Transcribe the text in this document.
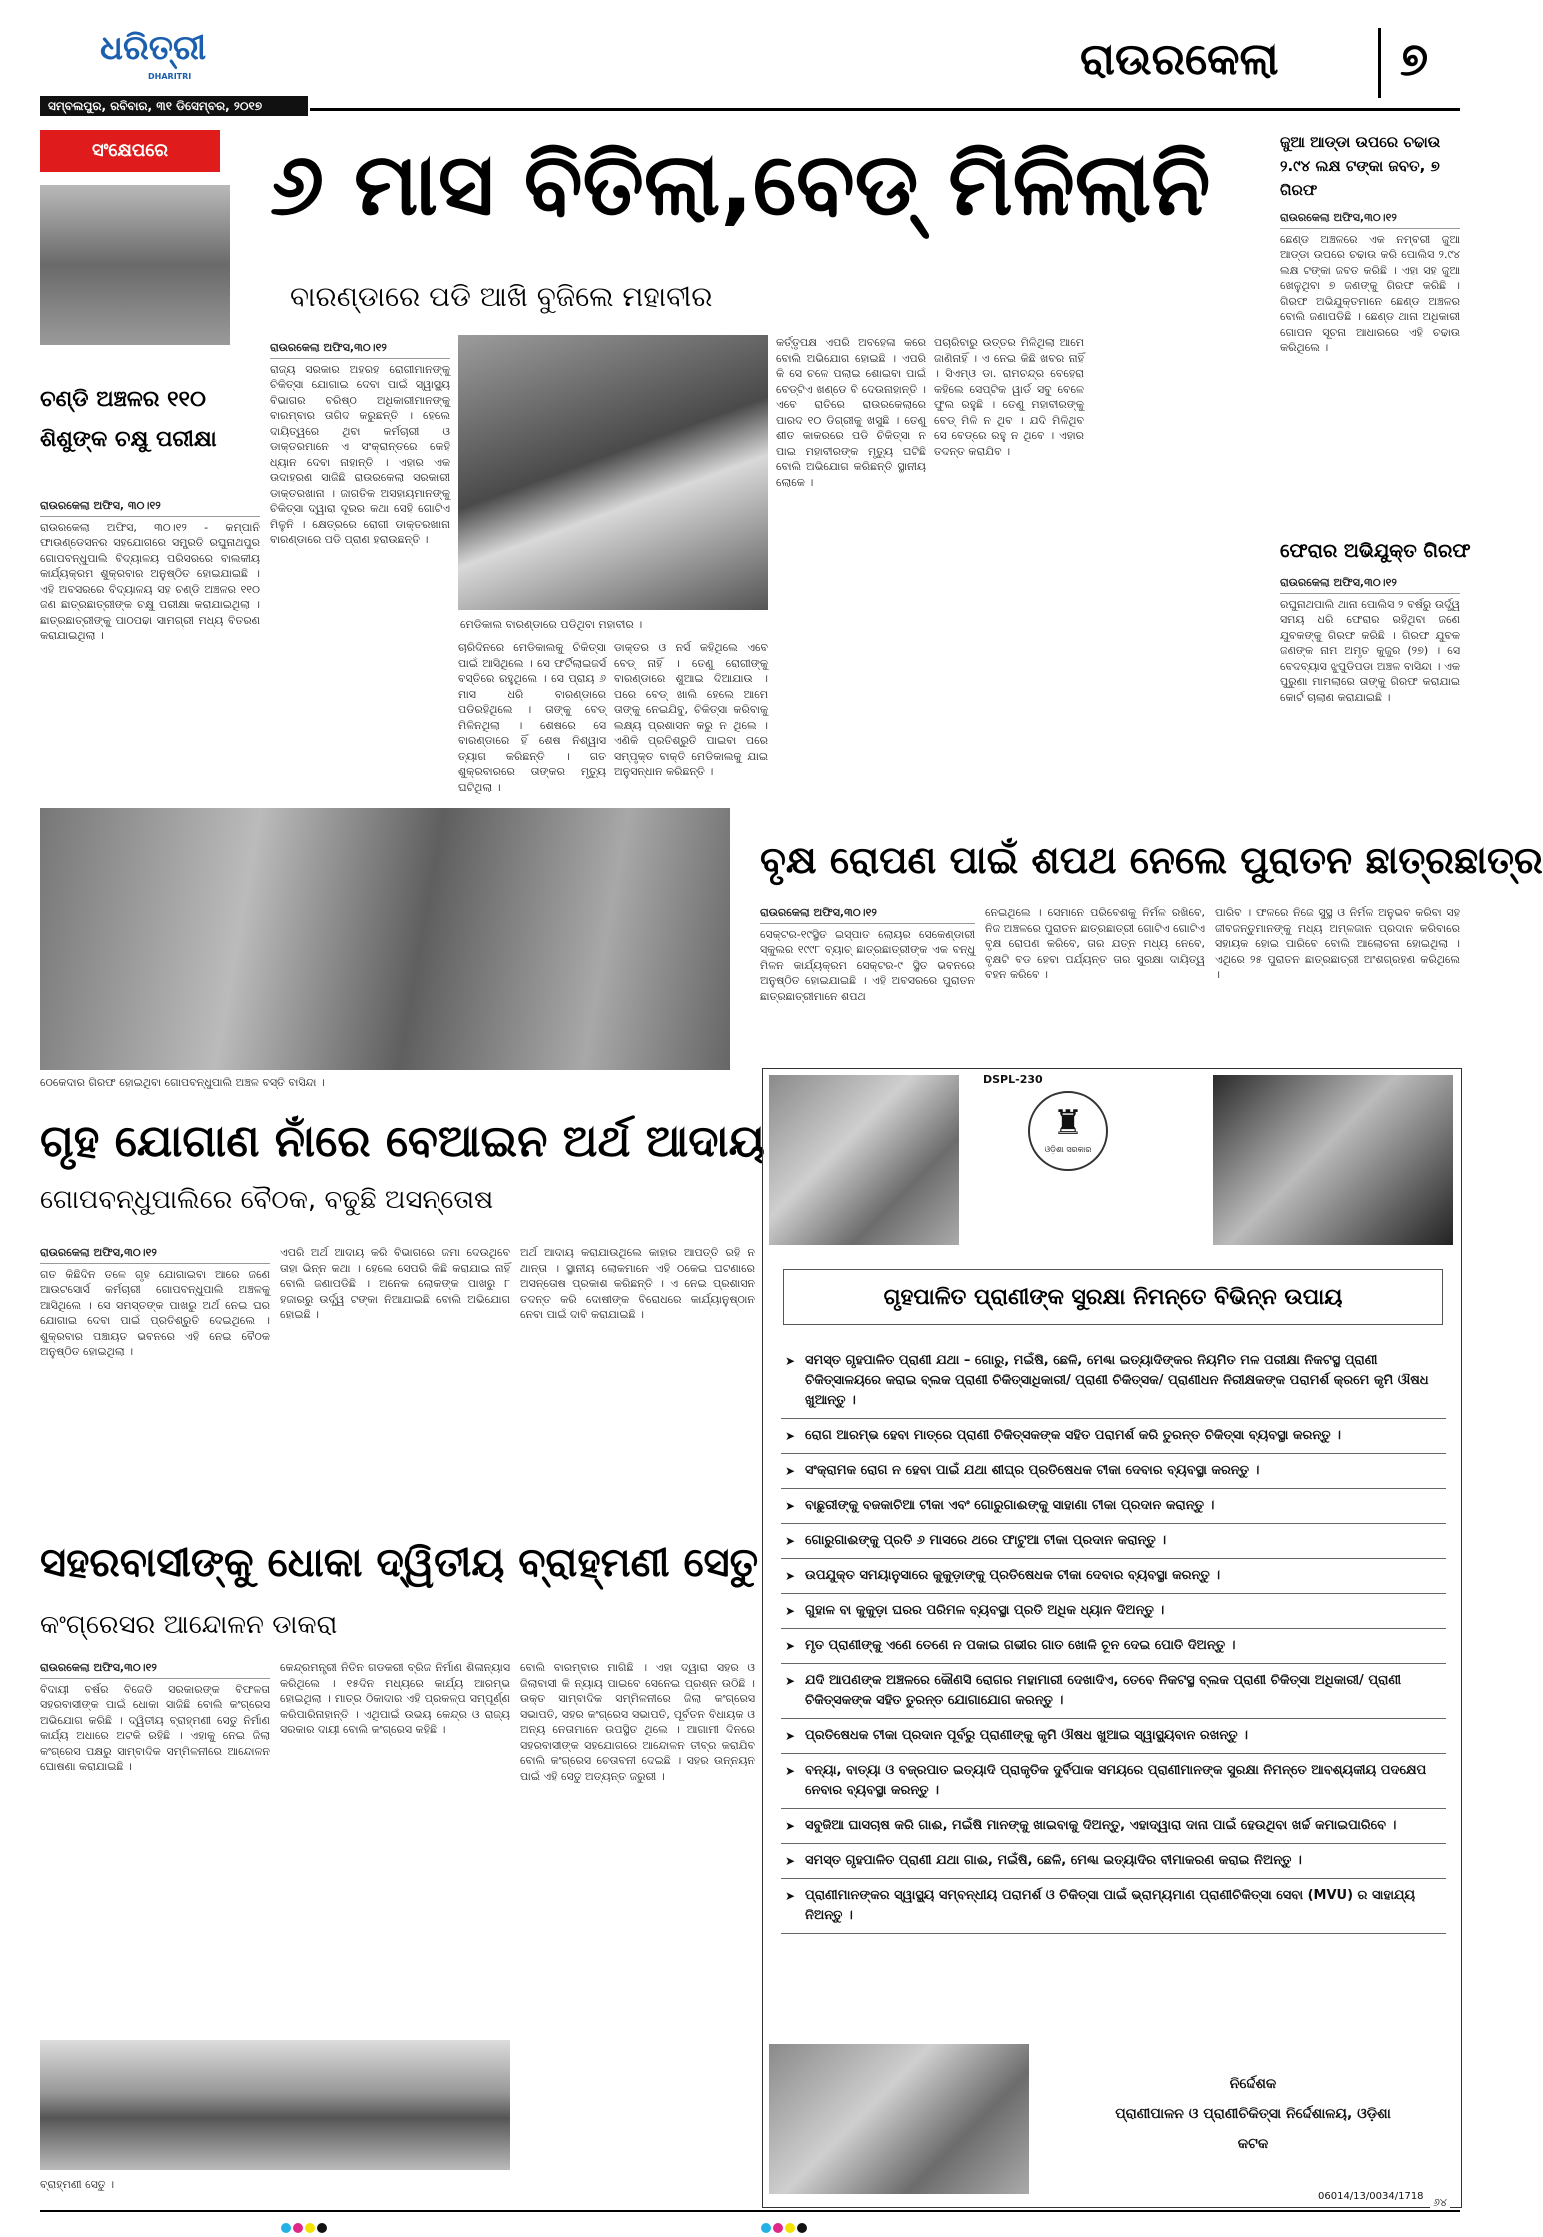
ଧରିତ୍ରୀ
DHARITRI
ସମ୍ବଲପୁର, ରବିବାର, ୩୧ ଡିସେମ୍ବର, ୨୦୧୭
ରାଉରକେଲା	୭
ସଂକ୍ଷେପରେ	୬ ମାସ ବିତିଲା,ବେଡ୍ ମିଳିଲାନି
ବାରଣ୍ଡାରେ ପଡି ଆଖି ବୁଜିଲେ ମହାବୀର
ଚଣ୍ଡି ଅଞ୍ଚଳର ୧୧୦ ଶିଶୁଙ୍କ ଚକ୍ଷୁ ପରୀକ୍ଷା
ରାଉରକେଲା ଅଫିସ, ୩୦।୧୨
ରାଉରକେଲା ଅଫିସ, ୩୦।୧୨ - କମ୍ପାନି ଫାଉଣ୍ଡେସନର ସହଯୋଗରେ ସମ୍ପ୍ରତି ରଘୁନାଥପୁର ଗୋପବନ୍ଧୁପାଲି ବିଦ୍ୟାଳୟ ପରିସରରେ ବାଲକୀୟ କାର୍ଯ୍ୟକ୍ରମ ଶୁକ୍ରବାର ଅନୁଷ୍ଠିତ ହୋଇଯାଇଛି । ଏହି ଅବସରରେ ବିଦ୍ୟାଳୟ ସହ ଚଣ୍ଡି ଅଞ୍ଚଳର ୧୧୦ ଜଣ ଛାତ୍ରଛାତ୍ରୀଙ୍କ ଚକ୍ଷୁ ପରୀକ୍ଷା କରାଯାଇଥିଲା । ଛାତ୍ରଛାତ୍ରୀଙ୍କୁ ପାଠପଢା ସାମଗ୍ରୀ ମଧ୍ୟ ବିତରଣ କରାଯାଇଥିଲା ।
ରାଉରକେଲା ଅଫିସ,୩୦।୧୨
ରାଜ୍ୟ ସରକାର ଅହରହ ରୋଗୀମାନଙ୍କୁ ଚିକିତ୍ସା ଯୋଗାଇ ଦେବା ପାଇଁ ସ୍ୱାସ୍ଥ୍ୟ ବିଭାଗର ବରିଷ୍ଠ ଅଧିକାରୀମାନଙ୍କୁ ବାରମ୍ବାର ତାଗିଦ କରୁଛନ୍ତି । ହେଲେ ଦାୟିତ୍ୱରେ ଥିବା କର୍ମଚାରୀ ଓ ଡାକ୍ତରମାନେ ଏ ସଂକ୍ରାନ୍ତରେ କେହି ଧ୍ୟାନ ଦେବା ନାହାନ୍ତି । ଏହାର ଏକ ଉଦାହରଣ ସାଜିଛି ରାଉରକେଲା ସରକାରୀ ଡାକ୍ତରଖାନା । ଜାଗତିକ ଅସହାୟମାନଙ୍କୁ ଚିକିତ୍ସା ଦ୍ୱାରା ଦୂରର କଥା ସେହି ଗୋଟିଏ ମିଳୁନି । କ୍ଷେତ୍ରରେ ରୋଗୀ ଡାକ୍ତରଖାନା ବାରଣ୍ଡାରେ ପଡି ପ୍ରାଣ ହରାଉଛନ୍ତି ।
ମେଡିକାଲ ବାରଣ୍ଡାରେ ପଡିଥିବା ମହାବୀର ।
ଚାରିଦିନରେ ମେଡିକାଲକୁ ଚିକିତ୍ସା ପାଇଁ ଆସିଥିଲେ । ସେ ଫର୍ଟିଲାଇଜର୍ସ ବସ୍ତିରେ ରହୁଥିଲେ । ସେ ପ୍ରାୟ ୬ ମାସ ଧରି ବାରଣ୍ଡାରେ ପଡିରହିଥିଲେ । ତାଙ୍କୁ ବେଡ୍ ମିଳିନଥିଲା । ଶେଷରେ ସେ ବାରଣ୍ଡାରେ ହିଁ ଶେଷ ନିଶ୍ୱାସ ତ୍ୟାଗ କରିଛନ୍ତି । ଗତ ଶୁକ୍ରବାରରେ ତାଙ୍କର ମୃତ୍ୟୁ ଘଟିଥିଲା ।
ଡାକ୍ତର ଓ ନର୍ସ କହିଥିଲେ ଏବେ ବେଡ୍ ନାହିଁ । ତେଣୁ ରୋଗୀଙ୍କୁ ବାରଣ୍ଡାରେ ଶୁଆଇ ଦିଆଯାଉ । ପରେ ବେଡ୍ ଖାଲି ହେଲେ ଆମେ ତାଙ୍କୁ ନେଇଯିବୁ, ଚିକିତ୍ସା କରିବାକୁ ଲକ୍ଷ୍ୟ ପ୍ରଶାସନ କରୁ ନ ଥିଲେ । ଏଣିକି ପ୍ରତିଶ୍ରୁତି ପାଇବା ପରେ ସମ୍ପୃକ୍ତ ବାକ୍ତି ମେଡିକାଲକୁ ଯାଇ ଅନୁସନ୍ଧାନ କରିଛନ୍ତି ।
କର୍ତ୍ତୃପକ୍ଷ ଏପରି ଅବହେଳା କରେ ବୋଲି ଅଭିଯୋଗ ହୋଇଛି । ଏପରି କି ସେ ଚଳେ ପଲାଇ ଶୋଇବା ପାଇଁ ବେଡ୍‌ଟିଏ ଖଣ୍ଡେ ବି ଦେଉନାହାନ୍ତି । ଏବେ ରାତିରେ ରାଉରକେଲାରେ ପାରଦ ୧୦ ଡିଗ୍ରୀକୁ ଖସୁଛି । ତେଣୁ ଶୀତ କାକରରେ ପଡି ଚିକିତ୍ସା ନ ପାଇ ମହାବୀରଙ୍କ ମୃତ୍ୟୁ ଘଟିଛି ବୋଲି ଅଭିଯୋଗ କରିଛନ୍ତି ସ୍ଥାନୀୟ ଲୋକେ ।
ପଚାରିବାରୁ ଉତ୍ତର ମିଳିଥିଲା ଆମେ ଜାଣିନାହିଁ । ଏ ନେଇ କିଛି ଖବର ନାହିଁ । ସିଏମ୍‌ଓ ଡା. ରାମଚନ୍ଦ୍ର ବେହେରା କହିଲେ ସେପ୍ଟିକ ୱାର୍ଡ ସବୁ ବେଳେ ଫୁଲ ରହୁଛି । ତେଣୁ ମହାବୀରଙ୍କୁ ବେଡ୍ ମିଳି ନ ଥିବ । ଯଦି ମିଳିଥିବ ସେ ବେଡ୍‌ରେ ରହୁ ନ ଥିବେ । ଏହାର ତଦନ୍ତ କରାଯିବ ।
ଜୁଆ ଆଡ୍ଡା ଉପରେ ଚଢାଉ ୨.୯୪ ଲକ୍ଷ ଟଙ୍କା ଜବତ, ୭ ଗିରଫ
ରାଉରକେଲା ଅଫିସ,୩୦।୧୨
ଛେଣ୍ଡ ଅଞ୍ଚଳରେ ଏକ ନମ୍ବରୀ ଜୁଆ ଆଡ୍ଡା ଉପରେ ଚଢାଉ କରି ପୋଲିସ ୨.୯୪ ଲକ୍ଷ ଟଙ୍କା ଜବତ କରିଛି । ଏହା ସହ ଜୁଆ ଖେଳୁଥିବା ୭ ଜଣଙ୍କୁ ଗିରଫ କରିଛି । ଗିରଫ ଅଭିଯୁକ୍ତମାନେ ଛେଣ୍ଡ ଅଞ୍ଚଳର ବୋଲି ଜଣାପଡିଛି । ଛେଣ୍ଡ ଥାନା ଅଧିକାରୀ ଗୋପନ ସୂଚନା ଆଧାରରେ ଏହି ଚଢାଉ କରିଥିଲେ ।
ଫେରାର ଅଭିଯୁକ୍ତ ଗିରଫ
ରାଉରକେଲା ଅଫିସ,୩୦।୧୨
ରଘୁନାଥପାଲି ଥାନା ପୋଲିସ ୨ ବର୍ଷରୁ ଉର୍ଦ୍ଧ୍ୱ ସମୟ ଧରି ଫେରାର ରହିଥିବା ଜଣେ ଯୁବକଙ୍କୁ ଗିରଫ କରିଛି । ଗିରଫ ଯୁବକ ଜଣଙ୍କ ନାମ ଅମୃତ କୁଜୁର (୨୭) । ସେ ବେଦବ୍ୟାସ ଝୁପୁଡିପଡା ଅଞ୍ଚଳ ବାସିନ୍ଦା । ଏକ ପୁରୁଣା ମାମଲାରେ ତାଙ୍କୁ ଗିରଫ କରାଯାଇ କୋର୍ଟ ଚାଲାଣ କରାଯାଇଛି ।
ଠେକେଦାର ଗିରଫ ହୋଇଥିବା ଗୋପବନ୍ଧୁପାଲି ଅଞ୍ଚଳ ବସ୍ତି ବାସିନ୍ଦା ।
ବୃକ୍ଷ ରୋପଣ ପାଇଁ ଶପଥ ନେଲେ ପୁରାତନ ଛାତ୍ରଛାତ୍ର
ରାଉରକେଲା ଅଫିସ,୩୦।୧୨
ସେକ୍ଟର-୧୯ସ୍ଥିତ ଇସ୍ପାତ ଲୋୟର ସେକେଣ୍ଡାରୀ ସ୍କୁଲର ୧୯୯୮ ବ୍ୟାଚ୍ ଛାତ୍ରଛାତ୍ରୀଙ୍କ ଏକ ବନ୍ଧୁ ମିଳନ କାର୍ଯ୍ୟକ୍ରମ ସେକ୍ଟର-୯ ସ୍ଥିତ ଭବନରେ ଅନୁଷ୍ଠିତ ହୋଇଯାଇଛି । ଏହି ଅବସରରେ ପୁରାତନ ଛାତ୍ରଛାତ୍ରୀମାନେ ଶପଥ
ନେଇଥିଲେ । ସେମାନେ ପରିବେଶକୁ ନିର୍ମଳ ରଖିବେ, ନିଜ ଅଞ୍ଚଳରେ ପୁରାତନ ଛାତ୍ରଛାତ୍ରୀ ଗୋଟିଏ ଗୋଟିଏ ବୃକ୍ଷ ରୋପଣ କରିବେ, ତାର ଯତ୍ନ ମଧ୍ୟ ନେବେ, ବୃକ୍ଷଟି ବଡ ହେବା ପର୍ଯ୍ୟନ୍ତ ତାର ସୁରକ୍ଷା ଦାୟିତ୍ୱ ବହନ କରିବେ ।
ପାରିବ । ଫଳରେ ନିଜେ ସୁସ୍ଥ ଓ ନିର୍ମଳ ଅନୁଭବ କରିବା ସହ ଜୀବଜନ୍ତୁମାନଙ୍କୁ ମଧ୍ୟ ଅମ୍ଳଜାନ ପ୍ରଦାନ କରିବାରେ ସହାୟକ ହୋଇ ପାରିବେ ବୋଲି ଆଲୋଚନା ହୋଇଥିଲା । ଏଥିରେ ୨୫ ପୁରାତନ ଛାତ୍ରଛାତ୍ରୀ ଅଂଶଗ୍ରହଣ କରିଥିଲେ ।
ଗୃହ ଯୋଗାଣ ନାଁରେ ବେଆଇନ ଅର୍ଥ ଆଦାୟ
ଗୋପବନ୍ଧୁପାଲିରେ ବୈଠକ, ବଢୁଛି ଅସନ୍ତୋଷ
ରାଉରକେଲା ଅଫିସ,୩୦।୧୨
ଗତ କିଛିଦିନ ତଳେ ଗୃହ ଯୋଗାଇବା ଆରେ ଜଣେ ଆଉଟସୋର୍ସ କର୍ମଚାରୀ ଗୋପବନ୍ଧୁପାଲି ଅଞ୍ଚଳକୁ ଆସିଥିଲେ । ସେ ସମସ୍ତଙ୍କ ପାଖରୁ ଅର୍ଥ ନେଇ ଘର ଯୋଗାଇ ଦେବା ପାଇଁ ପ୍ରତିଶ୍ରୁତି ଦେଇଥିଲେ । ଶୁକ୍ରବାର ପଞ୍ଚାୟତ ଭବନରେ ଏହି ନେଇ ବୈଠକ ଅନୁଷ୍ଠିତ ହୋଇଥିଲା ।
ଏପରି ଅର୍ଥ ଆଦାୟ କରି ବିଭାଗରେ ଜମା ଦେଉଥିବେ ତାହା ଭିନ୍ନ କଥା । ହେଲେ ସେପରି କିଛି କରାଯାଇ ନାହିଁ ବୋଲି ଜଣାପଡିଛି । ଅନେକ ଲୋକଙ୍କ ପାଖରୁ ୮ ହଜାରରୁ ଉର୍ଦ୍ଧ୍ୱ ଟଙ୍କା ନିଆଯାଇଛି ବୋଲି ଅଭିଯୋଗ ହୋଇଛି ।
ଅର୍ଥ ଆଦାୟ କରାଯାଉଥିଲେ କାହାର ଆପତ୍ତି ରହି ନ ଥାନ୍ତା । ସ୍ଥାନୀୟ ଲୋକମାନେ ଏହି ଠକେଇ ଘଟଣାରେ ଅସନ୍ତୋଷ ପ୍ରକାଶ କରିଛନ୍ତି । ଏ ନେଇ ପ୍ରଶାସନ ତଦନ୍ତ କରି ଦୋଷୀଙ୍କ ବିରୋଧରେ କାର୍ଯ୍ୟାନୁଷ୍ଠାନ ନେବା ପାଇଁ ଦାବି କରାଯାଇଛି ।
ସହରବାସୀଙ୍କୁ ଧୋକା ଦ୍ୱିତୀୟ ବ୍ରାହ୍ମଣୀ ସେତୁ
କଂଗ୍ରେସର ଆନ୍ଦୋଳନ ଡାକରା
ରାଉରକେଲା ଅଫିସ,୩୦।୧୨
ବିଦାୟୀ ବର୍ଷର ବିଜେଡି ସରକାରଙ୍କ ବିଫଳତା ସହରବାସୀଙ୍କ ପାଇଁ ଧୋକା ସାଜିଛି ବୋଲି କଂଗ୍ରେସ ଅଭିଯୋଗ କରିଛି । ଦ୍ୱିତୀୟ ବ୍ରାହ୍ମଣୀ ସେତୁ ନିର୍ମାଣ କାର୍ଯ୍ୟ ଅଧାରେ ଅଟକି ରହିଛି । ଏହାକୁ ନେଇ ଜିଲା କଂଗ୍ରେସ ପକ୍ଷରୁ ସାମ୍ବାଦିକ ସମ୍ମିଳନୀରେ ଆନ୍ଦୋଳନ ଘୋଷଣା କରାଯାଇଛି ।
କେନ୍ଦ୍ରମନ୍ତ୍ରୀ ନିତିନ ଗଡକରୀ ବ୍ରିଜ ନିର୍ମାଣ ଶିଳାନ୍ୟାସ କରିଥିଲେ । ୧୫ଦିନ ମଧ୍ୟରେ କାର୍ଯ୍ୟ ଆରମ୍ଭ ହୋଇଥିଲା । ମାତ୍ର ଠିକାଦାର ଏହି ପ୍ରକଳ୍ପ ସମ୍ପୂର୍ଣ୍ଣ କରିପାରିନାହାନ୍ତି । ଏଥିପାଇଁ ଉଭୟ କେନ୍ଦ୍ର ଓ ରାଜ୍ୟ ସରକାର ଦାୟୀ ବୋଲି କଂଗ୍ରେସ କହିଛି ।
ବୋଲି ବାରମ୍ବାର ମାଗିଛି । ଏହା ଦ୍ୱାରା ସହର ଓ ଜିଲାବାସୀ କି ନ୍ୟାୟ ପାଇବେ ସେନେଇ ପ୍ରଶ୍ନ ଉଠିଛି । ଉକ୍ତ ସାମ୍ବାଦିକ ସମ୍ମିଳନୀରେ ଜିଲା କଂଗ୍ରେସ ସଭାପତି, ସହର କଂଗ୍ରେସ ସଭାପତି, ପୂର୍ବତନ ବିଧାୟକ ଓ ଅନ୍ୟ ନେତାମାନେ ଉପସ୍ଥିତ ଥିଲେ । ଆଗାମୀ ଦିନରେ ସହରବାସୀଙ୍କ ସହଯୋଗରେ ଆନ୍ଦୋଳନ ତୀବ୍ର କରାଯିବ ବୋଲି କଂଗ୍ରେସ ଚେତାବନୀ ଦେଇଛି । ସହର ଉନ୍ନୟନ ପାଇଁ ଏହି ସେତୁ ଅତ୍ୟନ୍ତ ଜରୁରୀ ।
ବ୍ରାହ୍ମଣୀ ସେତୁ ।
DSPL-230
♜
ଓଡ଼ିଶା ସରକାର
ଗୃହପାଳିତ ପ୍ରାଣୀଙ୍କ ସୁରକ୍ଷା ନିମନ୍ତେ ବିଭିନ୍ନ ଉପାୟ
➤ ସମସ୍ତ ଗୃହପାଳିତ ପ୍ରାଣୀ ଯଥା – ଗୋରୁ, ମଇଁଷି, ଛେଳି, ମେଣ୍ଢା ଇତ୍ୟାଦିଙ୍କର ନିୟମିତ ମଳ ପରୀକ୍ଷା ନିକଟସ୍ଥ ପ୍ରାଣୀ ଚିକିତ୍ସାଳୟରେ କରାଇ ବ୍ଲକ ପ୍ରାଣୀ ଚିକିତ୍ସାଧିକାରୀ/ ପ୍ରାଣୀ ଚିକିତ୍ସକ/ ପ୍ରାଣୀଧନ ନିରୀକ୍ଷକଙ୍କ ପରାମର୍ଶ କ୍ରମେ କୃମି ଔଷଧ ଖୁଆନ୍ତୁ ।
➤ ରୋଗ ଆରମ୍ଭ ହେବା ମାତ୍ରେ ପ୍ରାଣୀ ଚିକିତ୍ସକଙ୍କ ସହିତ ପରାମର୍ଶ କରି ତୁରନ୍ତ ଚିକିତ୍ସା ବ୍ୟବସ୍ଥା କରନ୍ତୁ ।
➤ ସଂକ୍ରାମକ ରୋଗ ନ ହେବା ପାଇଁ ଯଥା ଶୀଘ୍ର ପ୍ରତିଷେଧକ ଟୀକା ଦେବାର ବ୍ୟବସ୍ଥା କରନ୍ତୁ ।
➤ ବାଛୁରୀଙ୍କୁ ବଜକାଚିଆ ଟୀକା ଏବଂ ଗୋରୁଗାଈଙ୍କୁ ସାହାଣା ଟୀକା ପ୍ରଦାନ କରାନ୍ତୁ ।
➤ ଗୋରୁଗାଈଙ୍କୁ ପ୍ରତି ୬ ମାସରେ ଥରେ ଫାଟୁଆ ଟୀକା ପ୍ରଦାନ କରାନ୍ତୁ ।
➤ ଉପଯୁକ୍ତ ସମୟାନୁସାରେ କୁକୁଡ଼ାଙ୍କୁ ପ୍ରତିଷେଧକ ଟୀକା ଦେବାର ବ୍ୟବସ୍ଥା କରନ୍ତୁ ।
➤ ଗୁହାଳ ବା କୁକୁଡ଼ା ଘରର ପରିମଳ ବ୍ୟବସ୍ଥା ପ୍ରତି ଅଧିକ ଧ୍ୟାନ ଦିଅନ୍ତୁ ।
➤ ମୃତ ପ୍ରାଣୀଙ୍କୁ ଏଣେ ତେଣେ ନ ପକାଇ ଗଭୀର ଗାତ ଖୋଳି ଚୂନ ଦେଇ ପୋତି ଦିଅନ୍ତୁ ।
➤ ଯଦି ଆପଣଙ୍କ ଅଞ୍ଚଳରେ କୌଣସି ରୋଗର ମହାମାରୀ ଦେଖାଦିଏ, ତେବେ ନିକଟସ୍ଥ ବ୍ଲକ ପ୍ରାଣୀ ଚିକିତ୍ସା ଅଧିକାରୀ/ ପ୍ରାଣୀ ଚିକିତ୍ସକଙ୍କ ସହିତ ତୁରନ୍ତ ଯୋଗାଯୋଗ କରନ୍ତୁ ।
➤ ପ୍ରତିଷେଧକ ଟୀକା ପ୍ରଦାନ ପୂର୍ବରୁ ପ୍ରାଣୀଙ୍କୁ କୃମି ଔଷଧ ଖୁଆଇ ସ୍ୱାସ୍ଥ୍ୟବାନ ରଖନ୍ତୁ ।
➤ ବନ୍ୟା, ବାତ୍ୟା ଓ ବଜ୍ରପାତ ଇତ୍ୟାଦି ପ୍ରାକୃତିକ ଦୁର୍ବିପାକ ସମୟରେ ପ୍ରାଣୀମାନଙ୍କ ସୁରକ୍ଷା ନିମନ୍ତେ ଆବଶ୍ୟକୀୟ ପଦକ୍ଷେପ ନେବାର ବ୍ୟବସ୍ଥା କରନ୍ତୁ ।
➤ ସବୁଜିଆ ଘାସଚାଷ କରି ଗାଈ, ମଇଁଷି ମାନଙ୍କୁ ଖାଇବାକୁ ଦିଅନ୍ତୁ, ଏହାଦ୍ୱାରା ଦାନା ପାଇଁ ହେଉଥିବା ଖର୍ଚ୍ଚ କମାଇପାରିବେ ।
➤ ସମସ୍ତ ଗୃହପାଳିତ ପ୍ରାଣୀ ଯଥା ଗାଈ, ମଇଁଷି, ଛେଳି, ମେଣ୍ଢା ଇତ୍ୟାଦିର ବୀମାକରଣ କରାଇ ନିଅନ୍ତୁ ।
➤ ପ୍ରାଣୀମାନଙ୍କର ସ୍ୱାସ୍ଥ୍ୟ ସମ୍ବନ୍ଧୀୟ ପରାମର୍ଶ ଓ ଚିକିତ୍ସା ପାଇଁ ଭ୍ରାମ୍ୟମାଣ ପ୍ରାଣୀଚିକିତ୍ସା ସେବା (MVU) ର ସାହାଯ୍ୟ ନିଅନ୍ତୁ ।
ନିର୍ଦ୍ଦେଶକ
ପ୍ରାଣୀପାଳନ ଓ ପ୍ରାଣୀଚିକିତ୍ସା ନିର୍ଦ୍ଦେଶାଳୟ, ଓଡ଼ିଶା
କଟକ
06014/13/0034/1718 ୬୪
